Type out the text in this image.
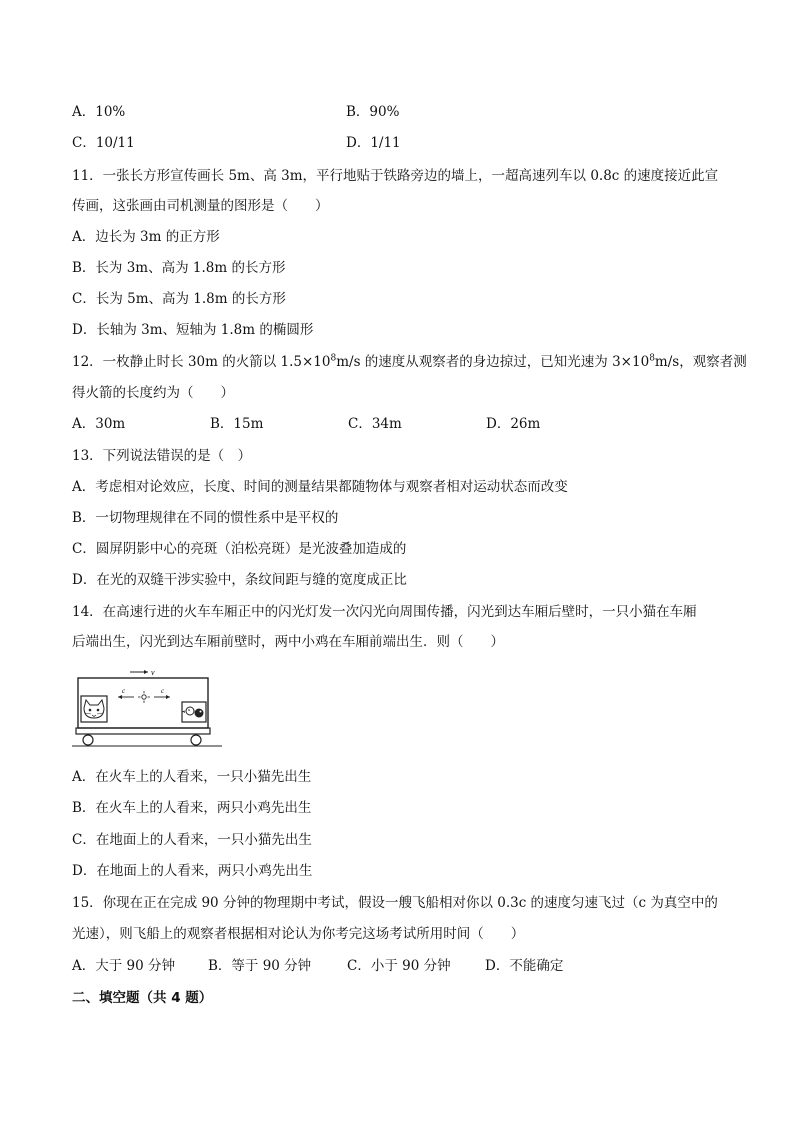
A．10%	B．90%
C．10/11	D．1/11
11．一张长方形宣传画长 5m、高 3m，平行地贴于铁路旁边的墙上，一超高速列车以 0.8c 的速度接近此宣
传画，这张画由司机测量的图形是（　　）
A．边长为 3m 的正方形
B．长为 3m、高为 1.8m 的长方形
C．长为 5m、高为 1.8m 的长方形
D．长轴为 3m、短轴为 1.8m 的椭圆形
12．一枚静止时长 30m 的火箭以 $1.5\times 10^8m/s$ 的速度从观察者的身边掠过，已知光速为 $3\times 10^8m/s$，观察者测
得火箭的长度约为（　　）
A．30m	B．15m	C．34m	D．26m
13．下列说法错误的是（　）
A．考虑相对论效应，长度、时间的测量结果都随物体与观察者相对运动状态而改变
B．一切物理规律在不同的惯性系中是平权的
C．圆屏阴影中心的亮斑（泊松亮斑）是光波叠加造成的
D．在光的双缝干涉实验中，条纹间距与缝的宽度成正比
14．在高速行进的火车车厢正中的闪光灯发一次闪光向周围传播，闪光到达车厢后壁时，一只小猫在车厢
后端出生，闪光到达车厢前壁时，两中小鸡在车厢前端出生．则（　　）
v
c	c
A．在火车上的人看来，一只小猫先出生
B．在火车上的人看来，两只小鸡先出生
C．在地面上的人看来，一只小猫先出生
D．在地面上的人看来，两只小鸡先出生
15．你现在正在完成 90 分钟的物理期中考试，假设一艘飞船相对你以 0.3c 的速度匀速飞过（c 为真空中的
光速），则飞船上的观察者根据相对论认为你考完这场考试所用时间（　　）
A．大于 90 分钟 B．等于 90 分钟	C．小于 90 分钟	D．不能确定
二、填空题（共 4 题）
